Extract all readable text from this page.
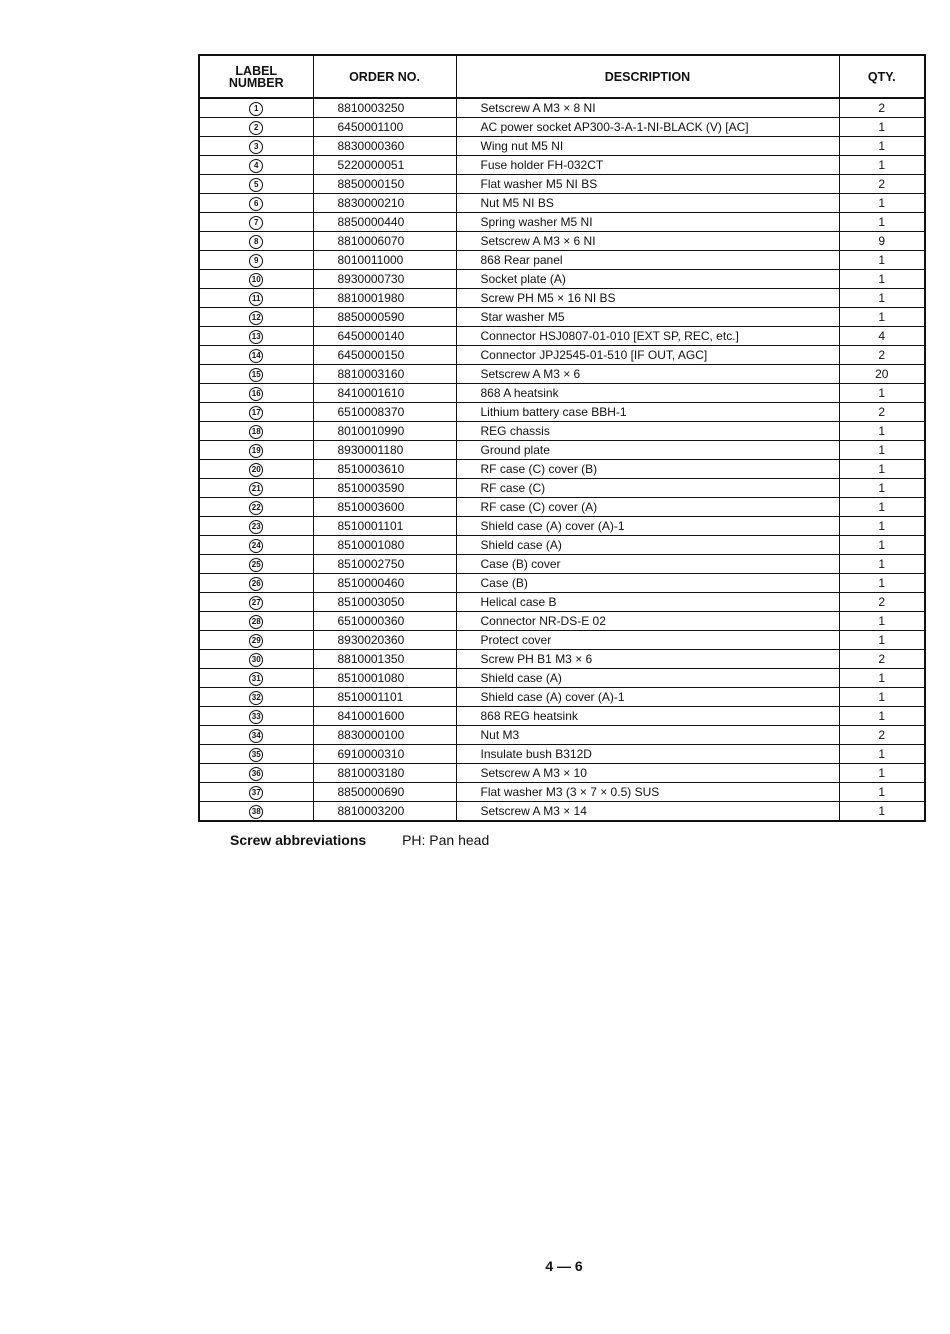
LABEL
NUMBER	ORDER NO.	DESCRIPTION	QTY.
1	8810003250	Setscrew A M3 × 8 NI	2
2	6450001100	AC power socket AP300-3-A-1-NI-BLACK (V) [AC]	1
3	8830000360	Wing nut M5 NI	1
4	5220000051	Fuse holder FH-032CT	1
5	8850000150	Flat washer M5 NI BS	2
6	8830000210	Nut M5 NI BS	1
7	8850000440	Spring washer M5 NI	1
8	8810006070	Setscrew A M3 × 6 NI	9
9	8010011000	868 Rear panel	1
10	8930000730	Socket plate (A)	1
11	8810001980	Screw PH M5 × 16 NI BS	1
12	8850000590	Star washer M5	1
13	6450000140	Connector HSJ0807-01-010 [EXT SP, REC, etc.]	4
14	6450000150	Connector JPJ2545-01-510 [IF OUT, AGC]	2
15	8810003160	Setscrew A M3 × 6	20
16	8410001610	868 A heatsink	1
17	6510008370	Lithium battery case BBH-1	2
18	8010010990	REG chassis	1
19	8930001180	Ground plate	1
20	8510003610	RF case (C) cover (B)	1
21	8510003590	RF case (C)	1
22	8510003600	RF case (C) cover (A)	1
23	8510001101	Shield case (A) cover (A)-1	1
24	8510001080	Shield case (A)	1
25	8510002750	Case (B) cover	1
26	8510000460	Case (B)	1
27	8510003050	Helical case B	2
28	6510000360	Connector NR-DS-E 02	1
29	8930020360	Protect cover	1
30	8810001350	Screw PH B1 M3 × 6	2
31	8510001080	Shield case (A)	1
32	8510001101	Shield case (A) cover (A)-1	1
33	8410001600	868 REG heatsink	1
34	8830000100	Nut M3	2
35	6910000310	Insulate bush B312D	1
36	8810003180	Setscrew A M3 × 10	1
37	8850000690	Flat washer M3 (3 × 7 × 0.5) SUS	1
38	8810003200	Setscrew A M3 × 14	1
Screw abbreviations	PH: Pan head
4 — 6
